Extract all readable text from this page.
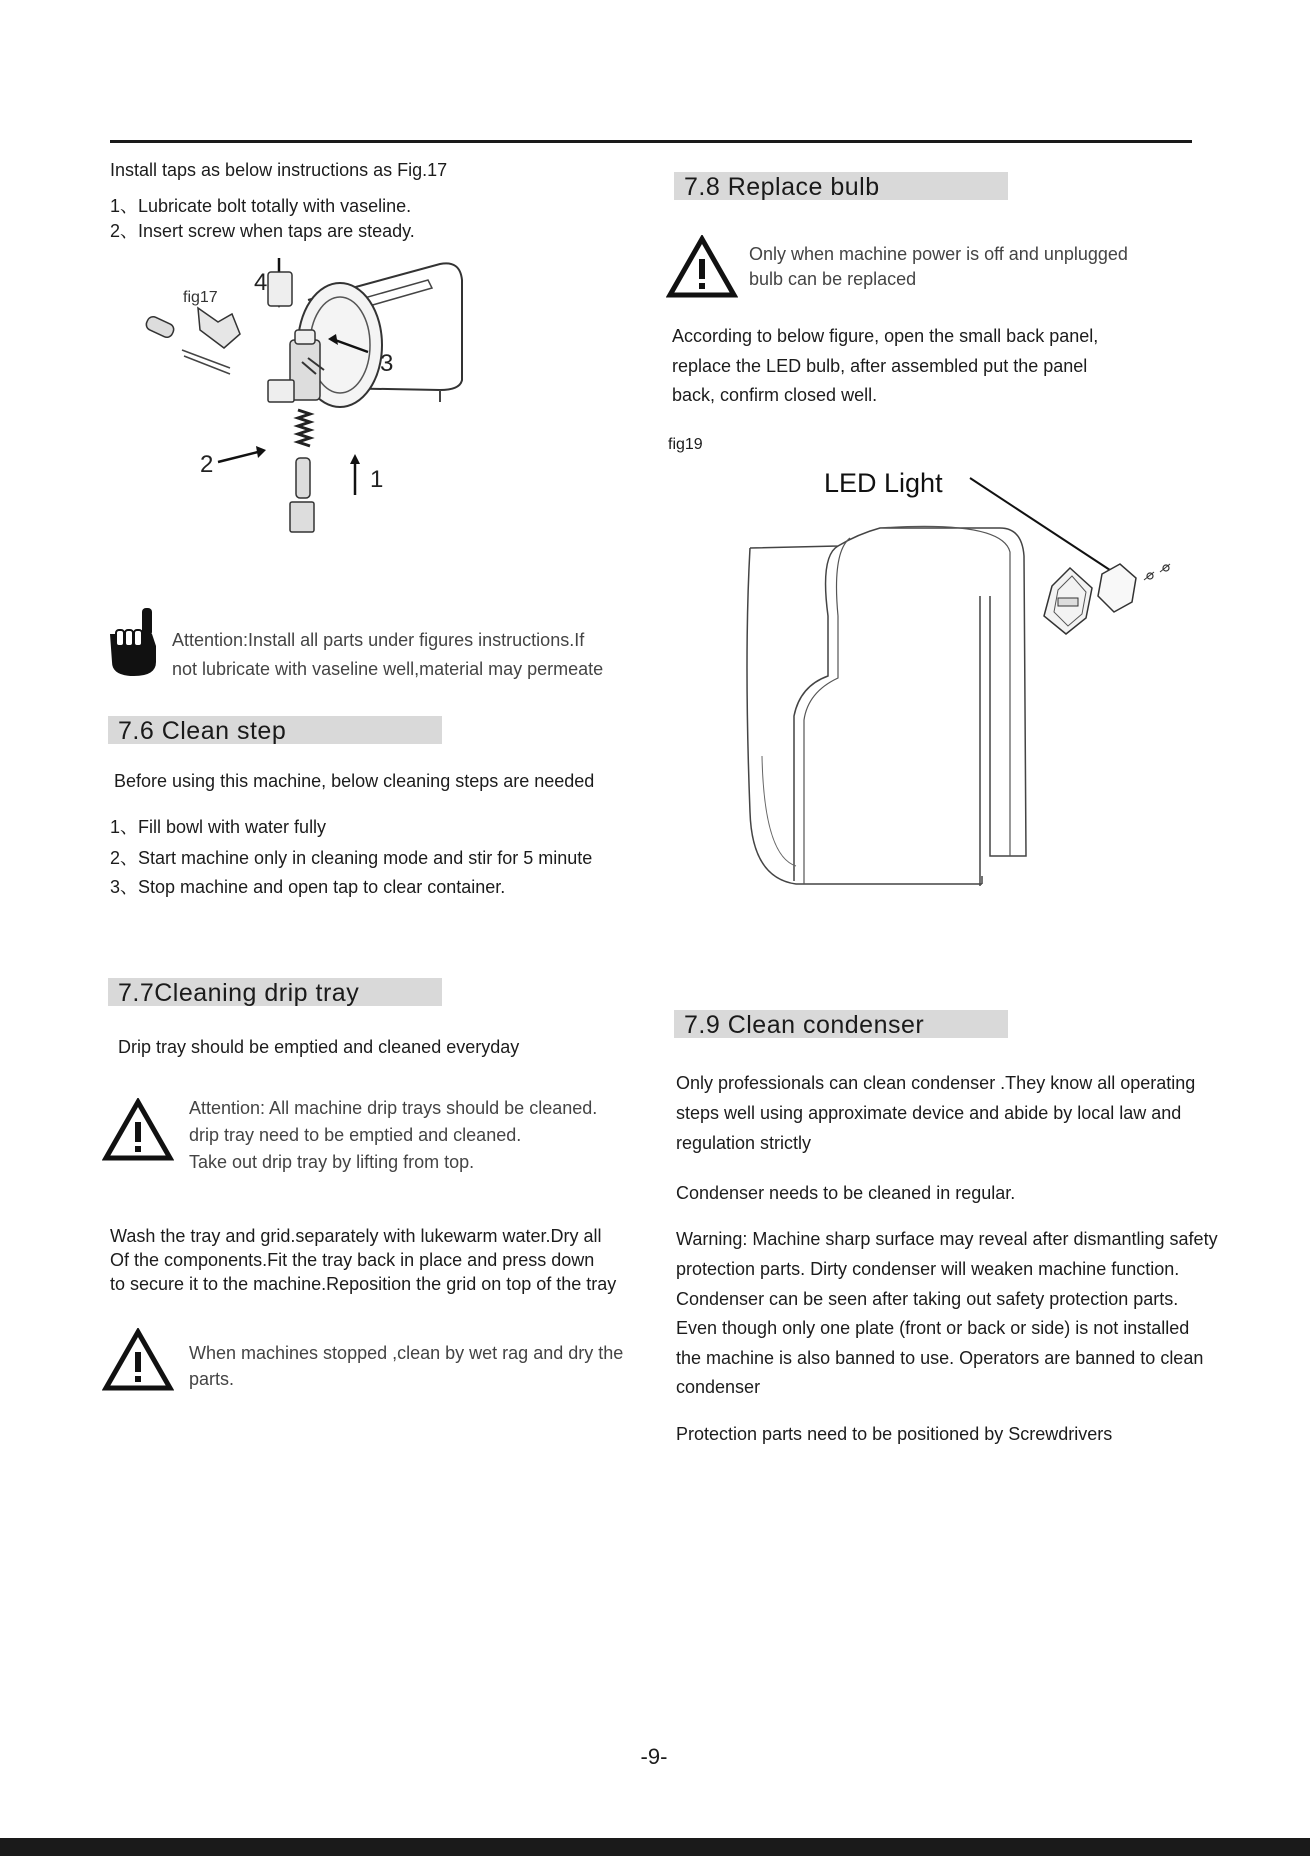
Install taps as below instructions as Fig.17
1、Lubricate bolt totally with vaseline.
2、Insert screw when taps are steady.
fig17
4
3
2
1
Attention:Install all parts under figures instructions.If
not lubricate with vaseline well,material may permeate
7.6 Clean step
Before using this machine, below cleaning steps are needed
1、Fill bowl with water fully
2、Start machine only in cleaning mode and stir for 5 minute
3、Stop machine and open tap to clear container.
7.7Cleaning drip tray
Drip tray should be emptied and cleaned everyday
Attention: All machine drip trays should be cleaned.
drip tray need to be emptied and cleaned.
Take out drip tray by lifting from top.
Wash the tray and grid.separately with lukewarm water.Dry all
Of the components.Fit the tray back in place and press down
to secure it to the machine.Reposition the grid on top of the tray
When machines stopped ,clean by wet rag and dry the
parts.
7.8 Replace bulb
Only when machine power is off and unplugged
bulb can be replaced
According to below figure, open the small back panel,
replace the LED bulb, after assembled put the panel
back, confirm closed well.
fig19
LED Light
7.9 Clean condenser
Only professionals can clean condenser .They know all operating
steps well using approximate device and abide by local law and
regulation strictly
Condenser needs to be cleaned in regular.
Warning: Machine sharp surface may reveal after dismantling safety
protection parts. Dirty condenser will weaken machine function.
Condenser can be seen after taking out safety protection parts.
Even though only one plate (front or back or side) is not installed
the machine is also banned to use. Operators are banned to clean
condenser
Protection parts need to be positioned by Screwdrivers
-9-
